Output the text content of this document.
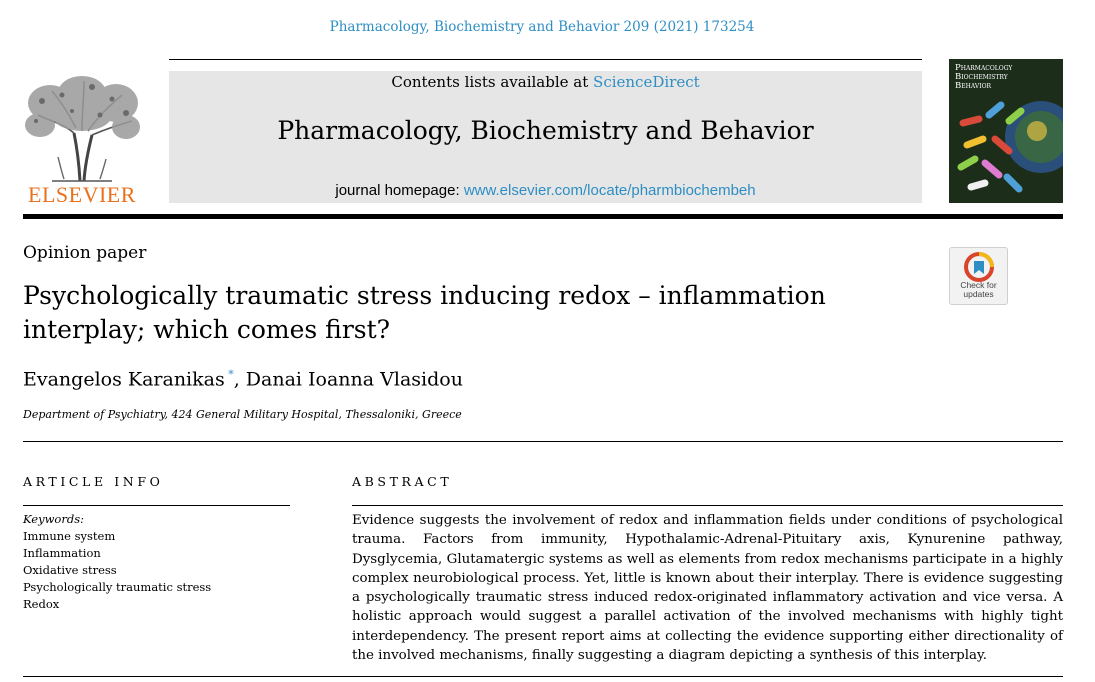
Pharmacology, Biochemistry and Behavior 209 (2021) 173254
ELSEVIER
Contents lists available at ScienceDirect
Pharmacology, Biochemistry and Behavior
journal homepage: www.elsevier.com/locate/pharmbiochembeh
Pharmacology
Biochemistry
Behavior
Opinion paper
Check for
updates
Psychologically traumatic stress inducing redox – inflammation interplay; which comes first?
Evangelos Karanikas *, Danai Ioanna Vlasidou
Department of Psychiatry, 424 General Military Hospital, Thessaloniki, Greece
ARTICLE INFO
Keywords:
Immune system
Inflammation
Oxidative stress
Psychologically traumatic stress
Redox
ABSTRACT
Evidence suggests the involvement of redox and inflammation fields under conditions of psychological trauma. Factors from immunity, Hypothalamic-Adrenal-Pituitary axis, Kynurenine pathway, Dysglycemia, Glutamatergic systems as well as elements from redox mechanisms participate in a highly complex neurobiological process. Yet, little is known about their interplay. There is evidence suggesting a psychologically traumatic stress induced redox-originated inflammatory activation and vice versa. A holistic approach would suggest a parallel activation of the involved mechanisms with highly tight interdependency. The present report aims at collecting the evidence supporting either directionality of the involved mechanisms, finally suggesting a diagram depicting a synthesis of this interplay.
